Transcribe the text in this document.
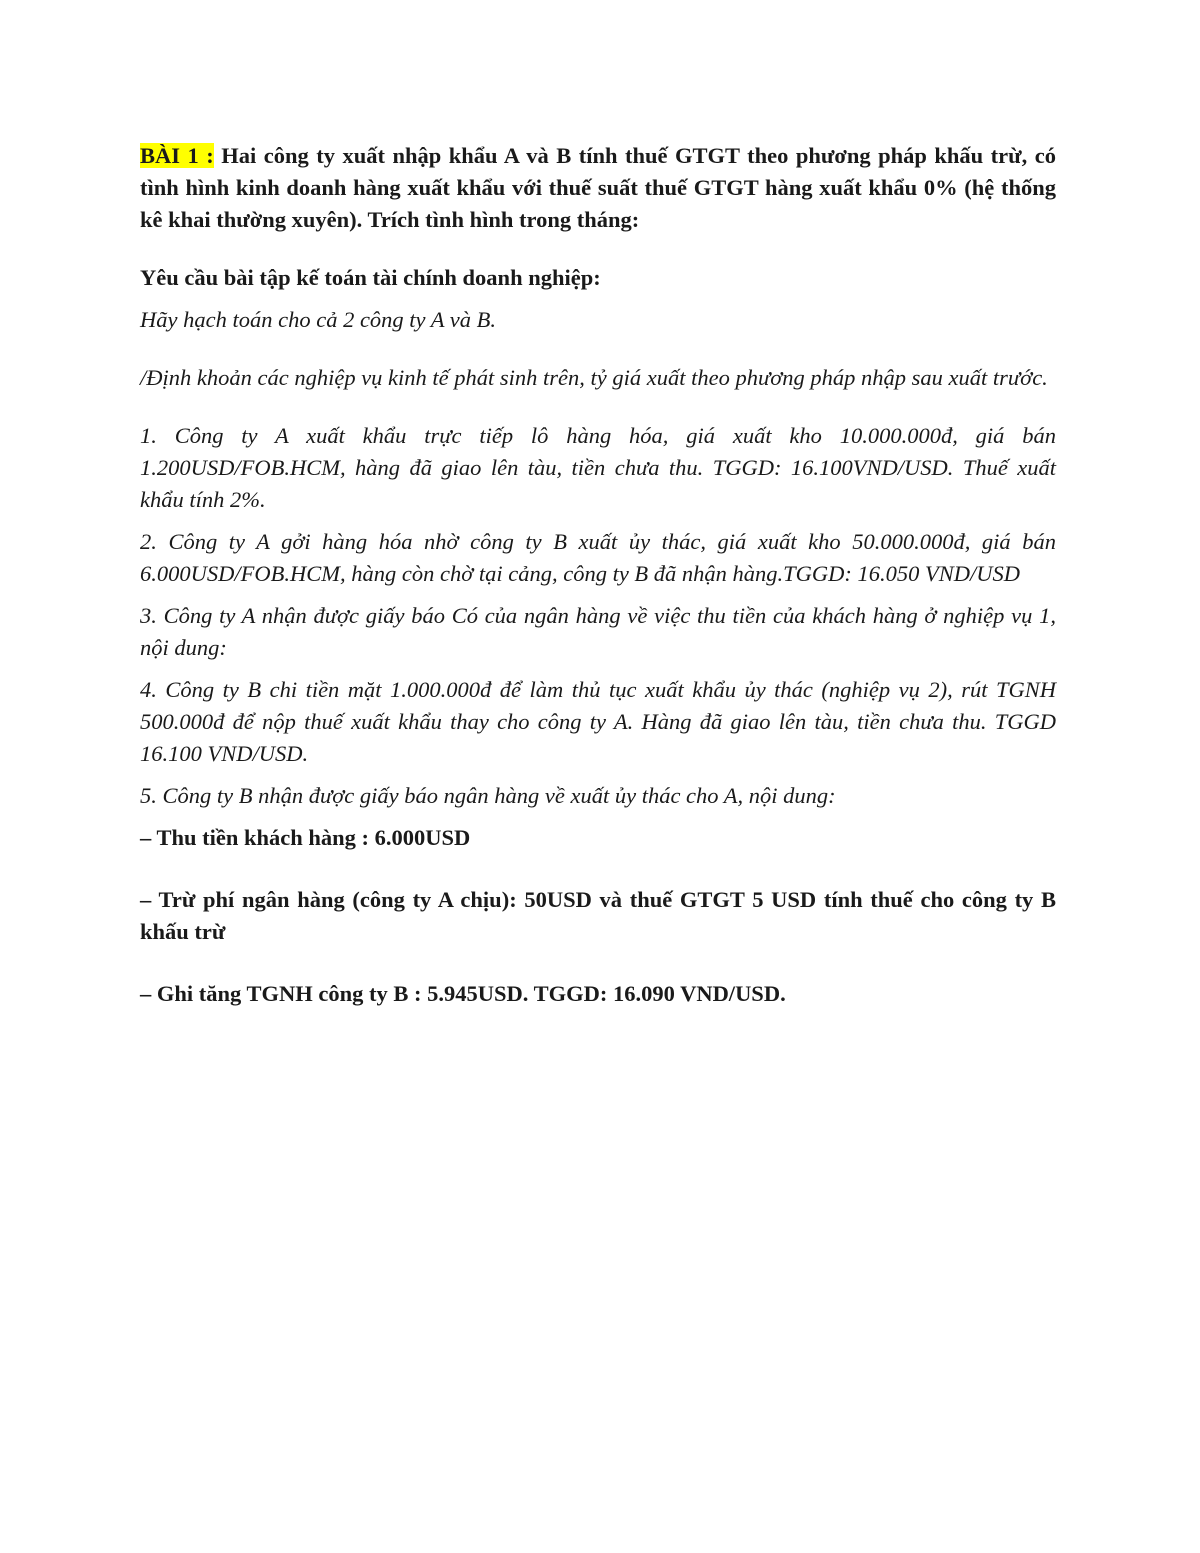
BÀI 1 : Hai công ty xuất nhập khẩu A và B tính thuế GTGT theo phương pháp khấu trừ, có tình hình kinh doanh hàng xuất khẩu với thuế suất thuế GTGT hàng xuất khẩu 0% (hệ thống kê khai thường xuyên). Trích tình hình trong tháng:

Yêu cầu bài tập kế toán tài chính doanh nghiệp:

Hãy hạch toán cho cả 2 công ty A và B.

/Định khoản các nghiệp vụ kinh tế phát sinh trên, tỷ giá xuất theo phương pháp nhập sau xuất trước.

1. Công ty A xuất khẩu trực tiếp lô hàng hóa, giá xuất kho 10.000.000đ, giá bán 1.200USD/FOB.HCM, hàng đã giao lên tàu, tiền chưa thu. TGGD: 16.100VND/USD. Thuế xuất khẩu tính 2%.

2. Công ty A gởi hàng hóa nhờ công ty B xuất ủy thác, giá xuất kho 50.000.000đ, giá bán 6.000USD/FOB.HCM, hàng còn chờ tại cảng, công ty B đã nhận hàng.TGGD: 16.050 VND/USD

3. Công ty A nhận được giấy báo Có của ngân hàng về việc thu tiền của khách hàng ở nghiệp vụ 1, nội dung:

4. Công ty B chi tiền mặt 1.000.000đ để làm thủ tục xuất khẩu ủy thác (nghiệp vụ 2), rút TGNH 500.000đ để nộp thuế xuất khẩu thay cho công ty A. Hàng đã giao lên tàu, tiền chưa thu. TGGD 16.100 VND/USD.

5. Công ty B nhận được giấy báo ngân hàng về xuất ủy thác cho A, nội dung:

– Thu tiền khách hàng : 6.000USD

– Trừ phí ngân hàng (công ty A chịu): 50USD và thuế GTGT 5 USD tính thuế cho công ty B khấu trừ

– Ghi tăng TGNH công ty B : 5.945USD. TGGD: 16.090 VND/USD.
